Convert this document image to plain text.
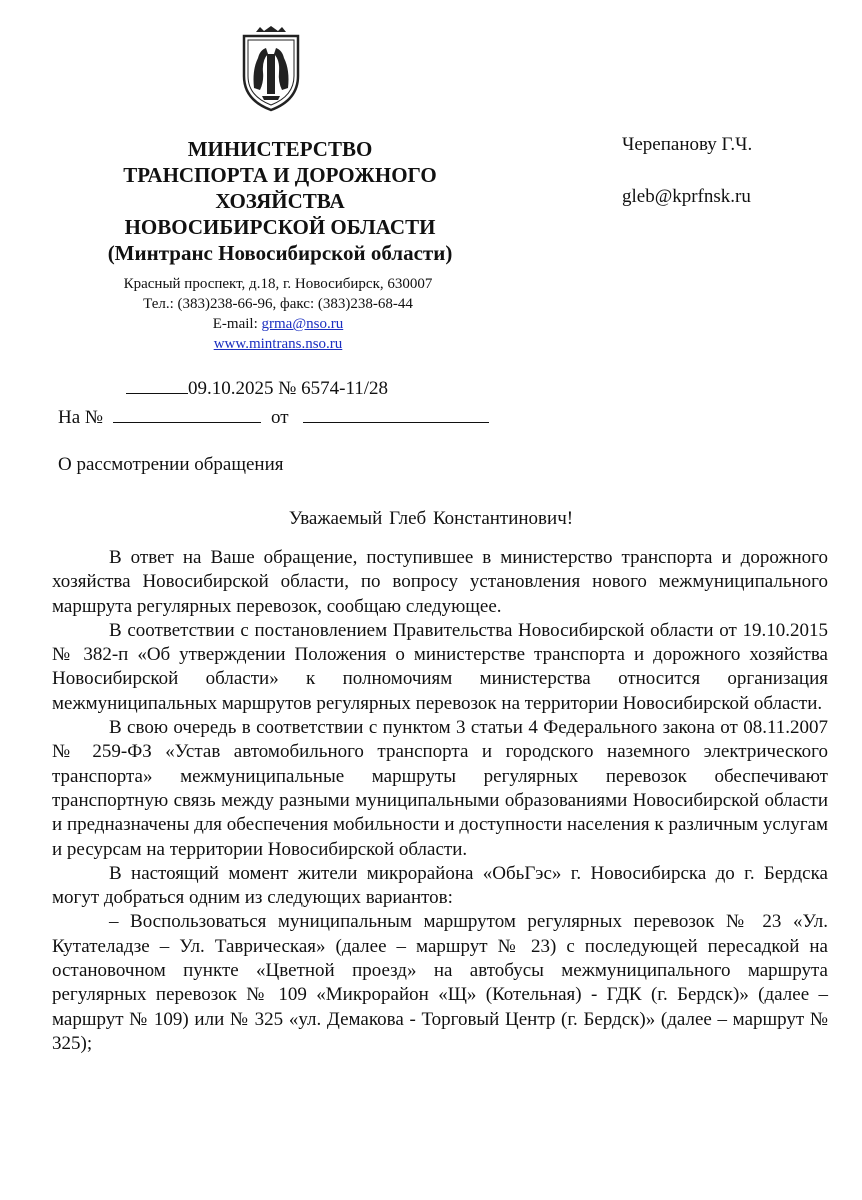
МИНИСТЕРСТВО
ТРАНСПОРТА И ДОРОЖНОГО
ХОЗЯЙСТВА
НОВОСИБИРСКОЙ ОБЛАСТИ
(Минтранс Новосибирской области)
Красный проспект, д.18, г. Новосибирск, 630007
Тел.: (383)238-66-96, факс: (383)238-68-44
E-mail: grma@nso.ru
www.mintrans.nso.ru
Черепанову Г.Ч.
gleb@kprfnsk.ru
09.10.2025 № 6574-11/28
На №	от
О рассмотрении обращения
Уважаемый Глеб Константинович!

В ответ на Ваше обращение, поступившее в министерство транспорта и дорожного хозяйства Новосибирской области, по вопросу установления нового межмуниципального маршрута регулярных перевозок, сообщаю следующее.

В соответствии с постановлением Правительства Новосибирской области от 19.10.2015 № 382-п «Об утверждении Положения о министерстве транспорта и дорожного хозяйства Новосибирской области» к полномочиям министерства относится организация межмуниципальных маршрутов регулярных перевозок на территории Новосибирской области.

В свою очередь в соответствии с пунктом 3 статьи 4 Федерального закона от 08.11.2007 № 259-ФЗ «Устав автомобильного транспорта и городского наземного электрического транспорта» межмуниципальные маршруты регулярных перевозок обеспечивают транспортную связь между разными муниципальными образованиями Новосибирской области и предназначены для обеспечения мобильности и доступности населения к различным услугам и ресурсам на территории Новосибирской области.

В настоящий момент жители микрорайона «ОбьГэс» г. Новосибирска до г. Бердска могут добраться одним из следующих вариантов:

– Воспользоваться муниципальным маршрутом регулярных перевозок № 23 «Ул. Кутателадзе – Ул. Таврическая» (далее – маршрут № 23) с последующей пересадкой на остановочном пункте «Цветной проезд» на автобусы межмуниципального маршрута регулярных перевозок № 109 «Микрорайон «Щ» (Котельная) - ГДК (г. Бердск)» (далее – маршрут № 109) или № 325 «ул. Демакова - Торговый Центр (г. Бердск)» (далее – маршрут № 325);
